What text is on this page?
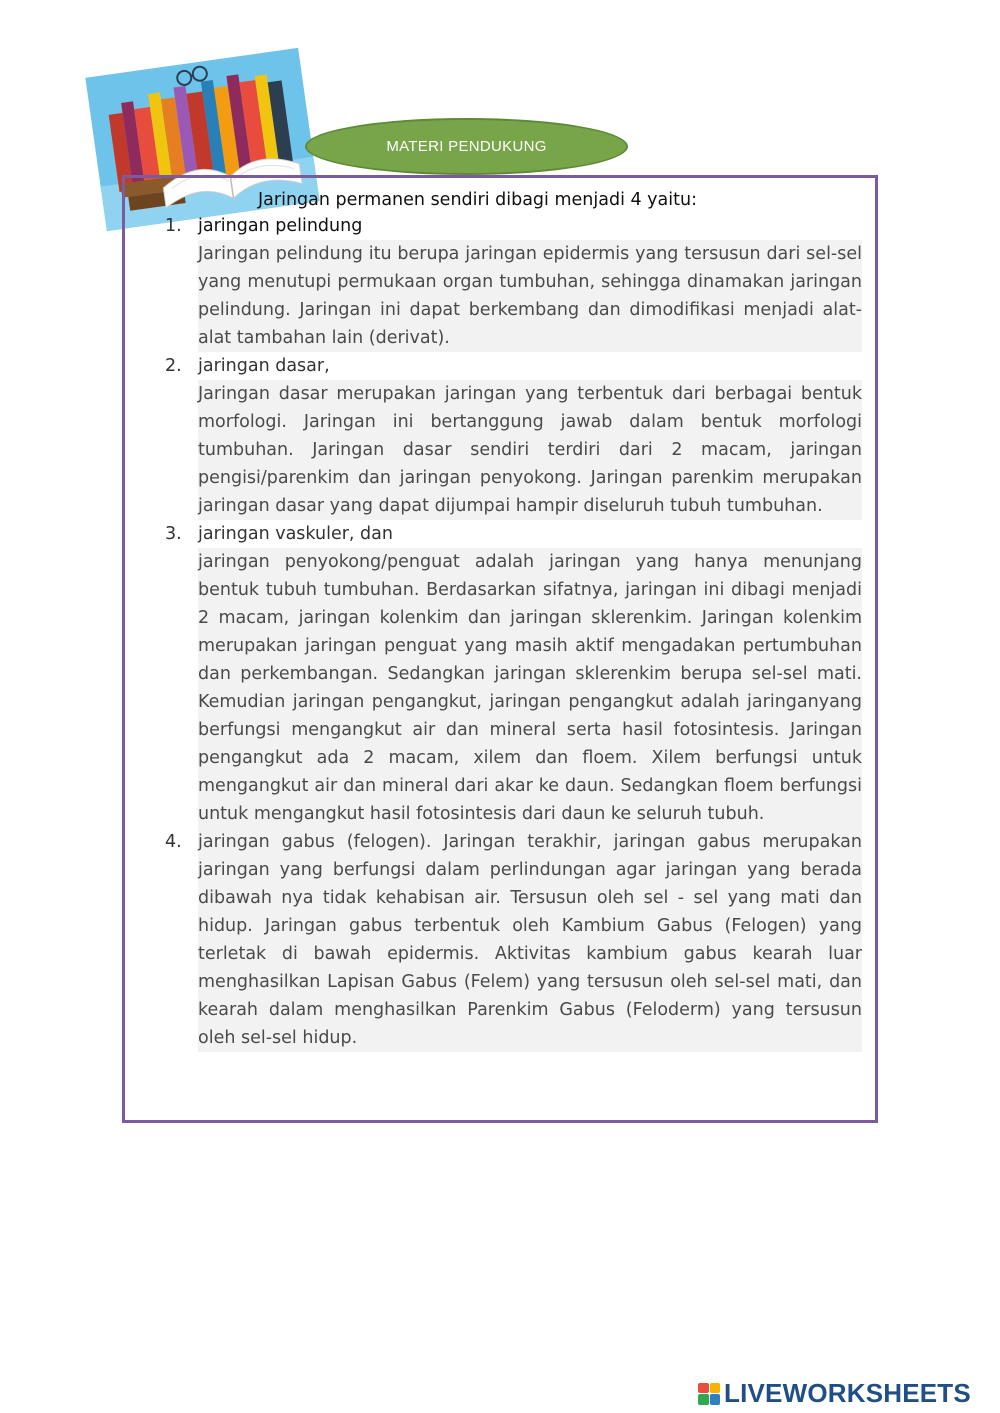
MATERI PENDUKUNG
Jaringan permanen sendiri dibagi menjadi 4 yaitu:
1. jaringan pelindung

Jaringan pelindung itu berupa jaringan epidermis yang tersusun dari sel-sel yang menutupi permukaan organ tumbuhan, sehingga dinamakan jaringan pelindung. Jaringan ini dapat berkembang dan dimodifikasi menjadi alat-alat tambahan lain (derivat).

2. jaringan dasar,

Jaringan dasar merupakan jaringan yang terbentuk dari berbagai bentuk morfologi. Jaringan ini bertanggung jawab dalam bentuk morfologi tumbuhan. Jaringan dasar sendiri terdiri dari 2 macam, jaringan pengisi/parenkim dan jaringan penyokong. Jaringan parenkim merupakan jaringan dasar yang dapat dijumpai hampir diseluruh tubuh tumbuhan.

3. jaringan vaskuler, dan

jaringan penyokong/penguat adalah jaringan yang hanya menunjang bentuk tubuh tumbuhan. Berdasarkan sifatnya, jaringan ini dibagi menjadi 2 macam, jaringan kolenkim dan jaringan sklerenkim. Jaringan kolenkim merupakan jaringan penguat yang masih aktif mengadakan pertumbuhan dan perkembangan. Sedangkan jaringan sklerenkim berupa sel-sel mati. Kemudian jaringan pengangkut, jaringan pengangkut adalah jaringanyang berfungsi mengangkut air dan mineral serta hasil fotosintesis. Jaringan pengangkut ada 2 macam, xilem dan floem. Xilem berfungsi untuk mengangkut air dan mineral dari akar ke daun. Sedangkan floem berfungsi untuk mengangkut hasil fotosintesis dari daun ke seluruh tubuh.

4. jaringan gabus (felogen). Jaringan terakhir, jaringan gabus merupakan jaringan yang berfungsi dalam perlindungan agar jaringan yang berada dibawah nya tidak kehabisan air. Tersusun oleh sel - sel yang mati dan hidup. Jaringan gabus terbentuk oleh Kambium Gabus (Felogen) yang terletak di bawah epidermis. Aktivitas kambium gabus kearah luar menghasilkan Lapisan Gabus (Felem) yang tersusun oleh sel-sel mati, dan kearah dalam menghasilkan Parenkim Gabus (Feloderm) yang tersusun oleh sel-sel hidup.

LIVEWORKSHEETS
